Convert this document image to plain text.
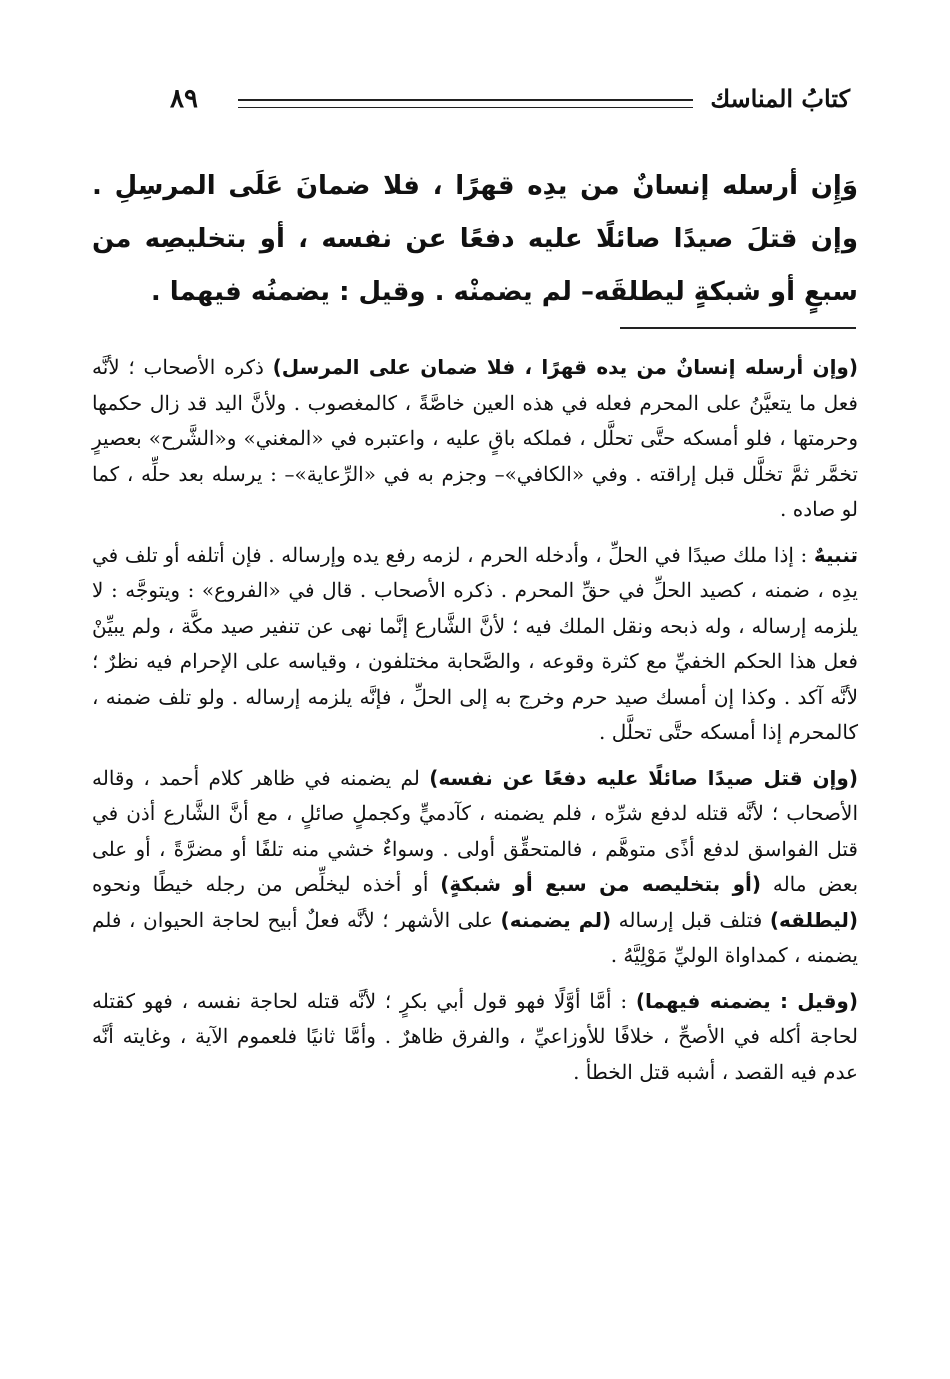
٨٩	كتابُ المناسك

وَإِن أرسله إنسانٌ من يدِه قهرًا ، فلا ضمانَ عَلَى المرسِلِ . وإن قتلَ صيدًا صائلًا عليه دفعًا عن نفسه ، أو بتخليصِه من سبعٍ أو شبكةٍ ليطلقَه– لم يضمنْه . وقيل : يضمنُه فيهما .

(وإن أرسله إنسانٌ من يده قهرًا ، فلا ضمان على المرسل) ذكره الأصحاب ؛ لأنَّه فعل ما يتعيَّنُ على المحرم فعله في هذه العين خاصَّةً ، كالمغصوب . ولأنَّ اليد قد زال حكمها وحرمتها ، فلو أمسكه حتَّى تحلَّل ، فملكه باقٍ عليه ، واعتبره في «المغني» و«الشَّرح» بعصيرٍ تخمَّر ثمَّ تخلَّل قبل إراقته . وفي «الكافي»– وجزم به في «الرِّعاية»– : يرسله بعد حلِّه ، كما لو صاده .

تنبيهٌ : إذا ملك صيدًا في الحلِّ ، وأدخله الحرم ، لزمه رفع يده وإرساله . فإن أتلفه أو تلف في يدِه ، ضمنه ، كصيد الحلِّ في حقِّ المحرم . ذكره الأصحاب . قال في «الفروع» : ويتوجَّه : لا يلزمه إرساله ، وله ذبحه ونقل الملك فيه ؛ لأنَّ الشَّارع إنَّما نهى عن تنفير صيد مكَّة ، ولم يبيِّنْ فعل هذا الحكم الخفيِّ مع كثرة وقوعه ، والصَّحابة مختلفون ، وقياسه على الإحرام فيه نظرٌ ؛ لأنَّه آكد . وكذا إن أمسك صيد حرم وخرج به إلى الحلِّ ، فإنَّه يلزمه إرساله . ولو تلف ضمنه ، كالمحرم إذا أمسكه حتَّى تحلَّل .

(وإن قتل صيدًا صائلًا عليه دفعًا عن نفسه) لم يضمنه في ظاهر كلام أحمد ، وقاله الأصحاب ؛ لأنَّه قتله لدفع شرِّه ، فلم يضمنه ، كآدميٍّ وكجملٍ صائلٍ ، مع أنَّ الشَّارع أذن في قتل الفواسق لدفع أذًى متوهَّم ، فالمتحقِّق أولى . وسواءٌ خشي منه تلفًا أو مضرَّةً ، أو على بعض ماله (أو بتخليصه من سبع أو شبكةٍ) أو أخذه ليخلِّص من رجله خيطًا ونحوه (ليطلقه) فتلف قبل إرساله (لم يضمنه) على الأشهر ؛ لأنَّه فعلٌ أبيح لحاجة الحيوان ، فلم يضمنه ، كمداواة الوليِّ مَوْلِيَّهُ .

(وقيل : يضمنه فيهما) : أمَّا أوَّلًا فهو قول أبي بكرٍ ؛ لأنَّه قتله لحاجة نفسه ، فهو كقتله لحاجة أكله في الأصحِّ ، خلافًا للأوزاعيِّ ، والفرق ظاهرٌ . وأمَّا ثانيًا فلعموم الآية ، وغايته أنَّه عدم فيه القصد ، أشبه قتل الخطأ .
